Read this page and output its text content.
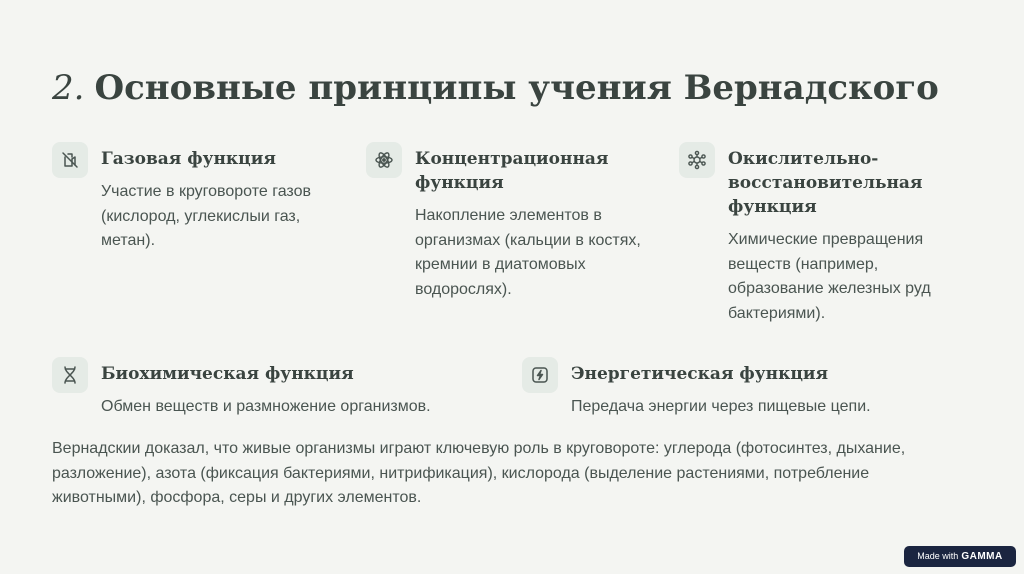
2. Основные принципы учения Вернадского
Газовая функция

Участие в круговороте газов
(кислород, углекислыи газ,
метан).

Концентрационная
функция

Накопление элементов в
организмах (кальции в костях,
кремнии в диатомовых
водорослях).

Окислительно-
восстановительная
функция

Химические превращения
веществ (например,
образование железных руд
бактериями).

Биохимическая функция

Обмен веществ и размножение организмов.

Энергетическая функция

Передача энергии через пищевые цепи.

Вернадскии доказал, что живые организмы играют ключевую роль в круговороте: углерода (фотосинтез, дыхание,
разложение), азота (фиксация бактериями, нитрификация), кислорода (выделение растениями, потребление
животными), фосфора, серы и других элементов.

Made with GAMMA
